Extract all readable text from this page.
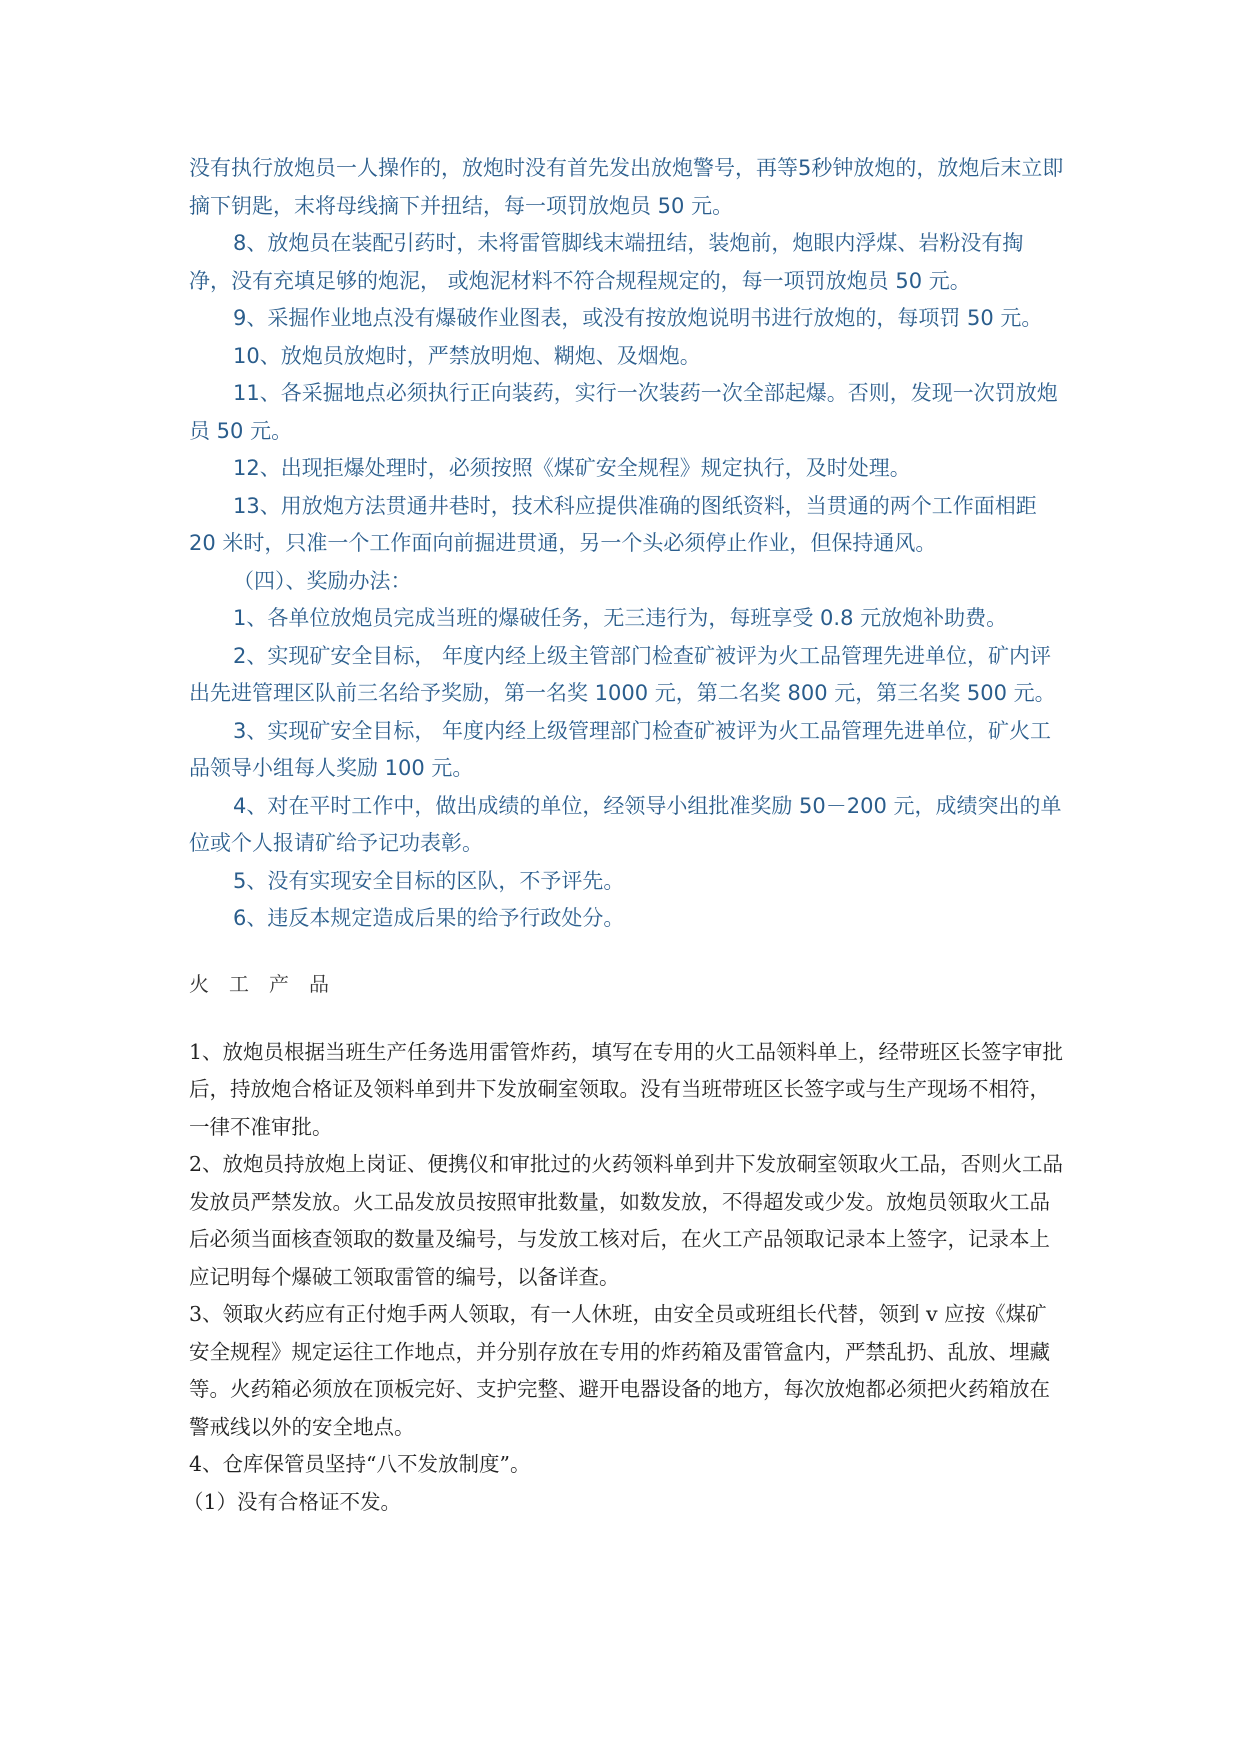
没有执行放炮员一人操作的，放炮时没有首先发出放炮警号，再等5秒钟放炮的，放炮后末立即摘下钥匙，末将母线摘下并扭结，每一项罚放炮员 50 元。

8、放炮员在装配引药时，未将雷管脚线末端扭结，装炮前，炮眼内浮煤、岩粉没有掏净，没有充填足够的炮泥， 或炮泥材料不符合规程规定的，每一项罚放炮员 50 元。

9、采掘作业地点没有爆破作业图表，或没有按放炮说明书进行放炮的，每项罚 50 元。

10、放炮员放炮时，严禁放明炮、糊炮、及烟炮。

11、各采掘地点必须执行正向装药，实行一次装药一次全部起爆。否则，发现一次罚放炮员 50 元。

12、出现拒爆处理时，必须按照《煤矿安全规程》规定执行，及时处理。

13、用放炮方法贯通井巷时，技术科应提供准确的图纸资料，当贯通的两个工作面相距 20 米时，只准一个工作面向前掘进贯通，另一个头必须停止作业，但保持通风。

（四）、奖励办法：

1、各单位放炮员完成当班的爆破任务，无三违行为，每班享受 0.8 元放炮补助费。

2、实现矿安全目标， 年度内经上级主管部门检查矿被评为火工品管理先进单位，矿内评出先进管理区队前三名给予奖励，第一名奖 1000 元，第二名奖 800 元，第三名奖 500 元。

3、实现矿安全目标， 年度内经上级管理部门检查矿被评为火工品管理先进单位，矿火工品领导小组每人奖励 100 元。

4、对在平时工作中，做出成绩的单位，经领导小组批准奖励 50－200 元，成绩突出的单位或个人报请矿给予记功表彰。

5、没有实现安全目标的区队，不予评先。

6、违反本规定造成后果的给予行政处分。

火　工　产　品

1、放炮员根据当班生产任务选用雷管炸药，填写在专用的火工品领料单上，经带班区长签字审批后，持放炮合格证及领料单到井下发放硐室领取。没有当班带班区长签字或与生产现场不相符，一律不准审批。

2、放炮员持放炮上岗证、便携仪和审批过的火药领料单到井下发放硐室领取火工品，否则火工品发放员严禁发放。火工品发放员按照审批数量，如数发放，不得超发或少发。放炮员领取火工品后必须当面核查领取的数量及编号，与发放工核对后，在火工产品领取记录本上签字，记录本上应记明每个爆破工领取雷管的编号，以备详查。

3、领取火药应有正付炮手两人领取，有一人休班，由安全员或班组长代替，领到 v 应按《煤矿安全规程》规定运往工作地点，并分别存放在专用的炸药箱及雷管盒内，严禁乱扔、乱放、埋藏等。火药箱必须放在顶板完好、支护完整、避开电器设备的地方，每次放炮都必须把火药箱放在警戒线以外的安全地点。

4、仓库保管员坚持“八不发放制度”。

（1）没有合格证不发。
